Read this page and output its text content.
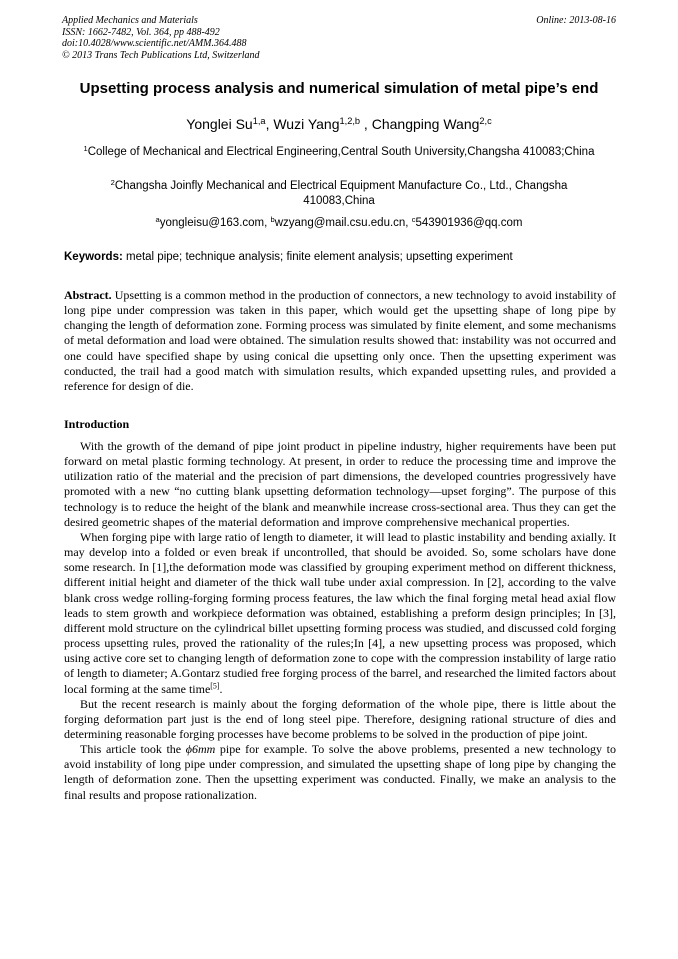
Applied Mechanics and Materials
ISSN: 1662-7482, Vol. 364, pp 488-492
doi:10.4028/www.scientific.net/AMM.364.488
© 2013 Trans Tech Publications Ltd, Switzerland
Online: 2013-08-16
Upsetting process analysis and numerical simulation of metal pipe’s end
Yonglei Su$^{1,a}$, Wuzi Yang$^{1,2,b}$ , Changping Wang$^{2,c}$
$^1$College of Mechanical and Electrical Engineering,Central South University,Changsha 410083;China
$^2$Changsha Joinfly Mechanical and Electrical Equipment Manufacture Co., Ltd., Changsha 410083,China
$^a$yongleisu@163.com, $^b$wzyang@mail.csu.edu.cn, $^c$543901936@qq.com
Keywords: metal pipe; technique analysis; finite element analysis; upsetting experiment
Abstract. Upsetting is a common method in the production of connectors, a new technology to avoid instability of long pipe under compression was taken in this paper, which would get the upsetting shape of long pipe by changing the length of deformation zone. Forming process was simulated by finite element, and some mechanisms of metal deformation and load were obtained. The simulation results showed that: instability was not occurred and one could have specified shape by using conical die upsetting only once. Then the upsetting experiment was conducted, the trail had a good match with simulation results, which expanded upsetting rules, and provided a reference for design of die.
Introduction

With the growth of the demand of pipe joint product in pipeline industry, higher requirements have been put forward on metal plastic forming technology. At present, in order to reduce the processing time and improve the utilization ratio of the material and the precision of part dimensions, the developed countries progressively have promoted with a new “no cutting blank upsetting deformation technology—upset forging”. The purpose of this technology is to reduce the height of the blank and meanwhile increase cross-sectional area. Thus they can get the desired geometric shapes of the material deformation and improve comprehensive mechanical properties.

When forging pipe with large ratio of length to diameter, it will lead to plastic instability and bending axially. It may develop into a folded or even break if uncontrolled, that should be avoided. So, some scholars have done some research. In [1],the deformation mode was classified by grouping experiment method on different thickness, different initial height and diameter of the thick wall tube under axial compression. In [2], according to the valve blank cross wedge rolling-forging forming process features, the law which the final forging metal head axial flow leads to stem growth and workpiece deformation was obtained, establishing a preform design principles; In [3], different mold structure on the cylindrical billet upsetting forming process was studied, and discussed cold forging process upsetting rules, proved the rationality of the rules;In [4], a new upsetting process was proposed, which using active core set to changing length of deformation zone to cope with the compression instability of large ratio of length to diameter; A.Gontarz studied free forging process of the barrel, and researched the limited factors about local forming at the same time[5].

But the recent research is mainly about the forging deformation of the whole pipe, there is little about the forging deformation part just is the end of long steel pipe. Therefore, designing rational structure of dies and determining reasonable forging processes have become problems to be solved in the production of pipe joint.

This article took the ϕ6mm pipe for example. To solve the above problems, presented a new technology to avoid instability of long pipe under compression, and simulated the upsetting shape of long pipe by changing the length of deformation zone. Then the upsetting experiment was conducted. Finally, we make an analysis to the final results and propose rationalization.
